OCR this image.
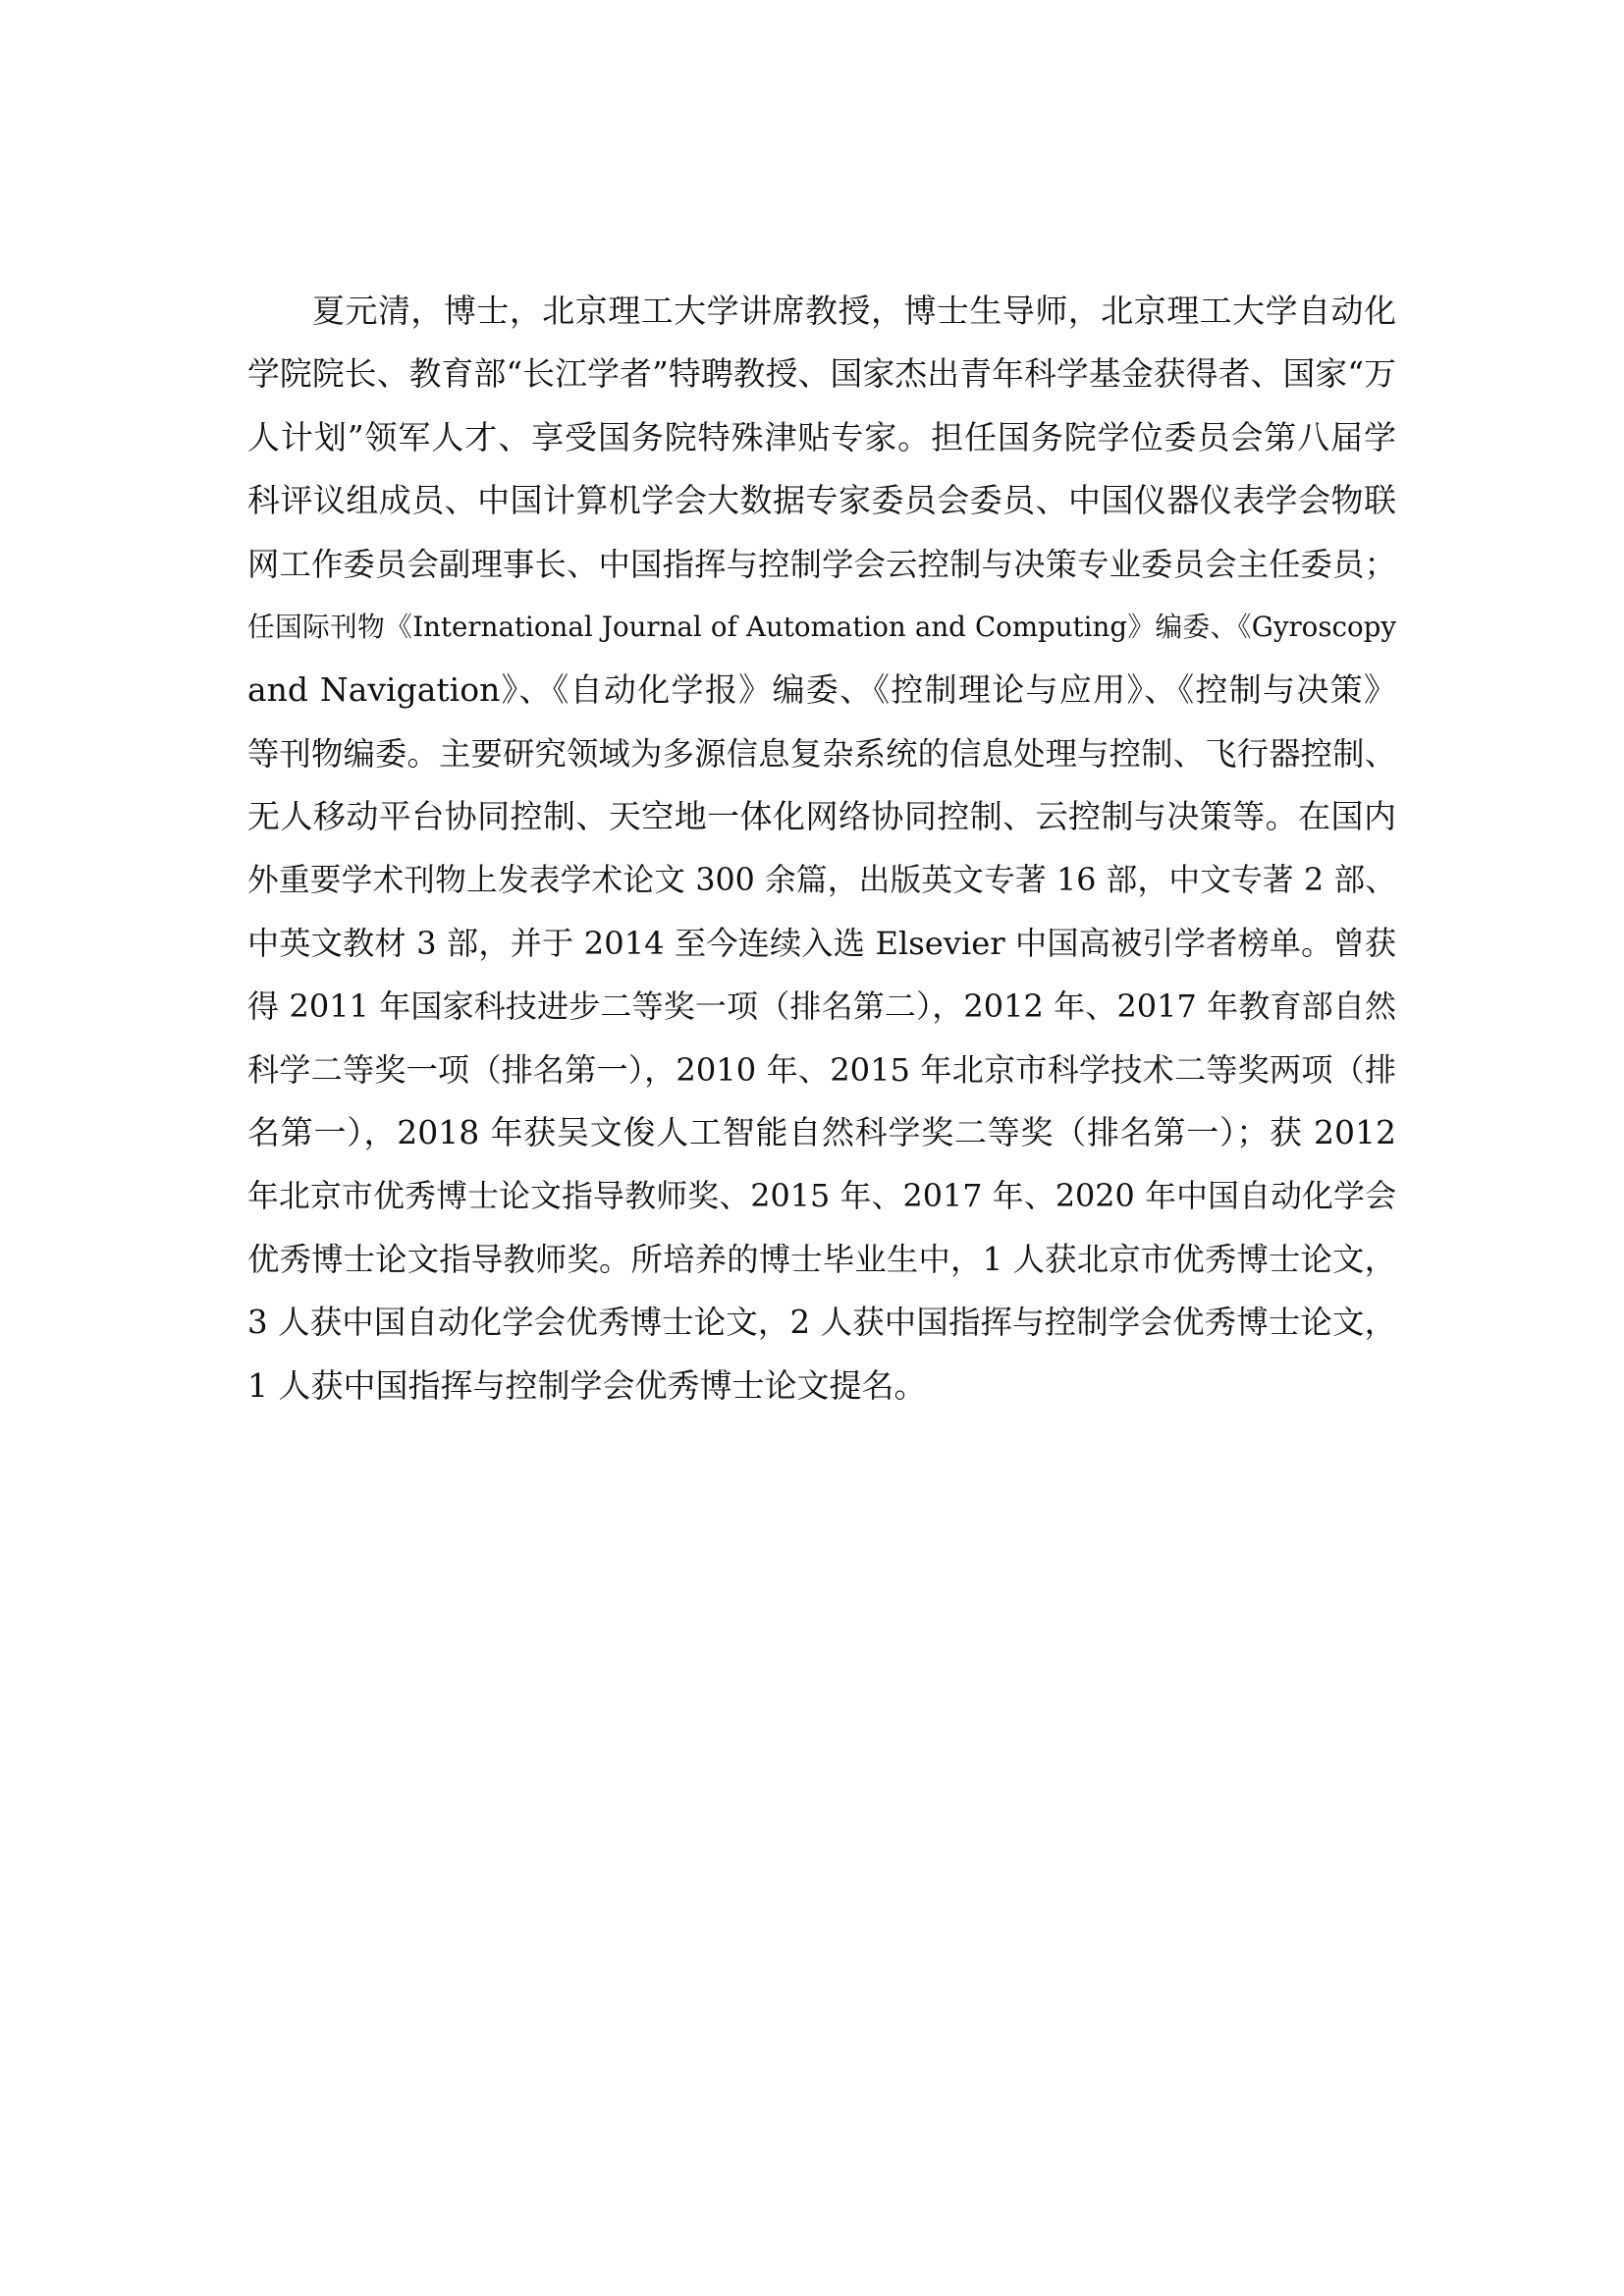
夏元清，博士，北京理工大学讲席教授，博士生导师，北京理工大学自动化
学院院长、教育部“长江学者”特聘教授、国家杰出青年科学基金获得者、国家“万
人计划”领军人才、享受国务院特殊津贴专家。担任国务院学位委员会第八届学
科评议组成员、中国计算机学会大数据专家委员会委员、中国仪器仪表学会物联
网工作委员会副理事长、中国指挥与控制学会云控制与决策专业委员会主任委员；
任国际刊物《International Journal of Automation and Computing》编委、《Gyroscopy
and Navigation》、《自动化学报》编委、《控制理论与应用》、《控制与决策》
等刊物编委。主要研究领域为多源信息复杂系统的信息处理与控制、飞行器控制、
无人移动平台协同控制、天空地一体化网络协同控制、云控制与决策等。在国内
外重要学术刊物上发表学术论文 300 余篇，出版英文专著 16 部，中文专著 2 部、
中英文教材 3 部，并于 2014 至今连续入选 Elsevier 中国高被引学者榜单。曾获
得 2011 年国家科技进步二等奖一项（排名第二），2012 年、2017 年教育部自然
科学二等奖一项（排名第一），2010 年、2015 年北京市科学技术二等奖两项（排
名第一），2018 年获吴文俊人工智能自然科学奖二等奖（排名第一）；获 2012
年北京市优秀博士论文指导教师奖、2015 年、2017 年、2020 年中国自动化学会
优秀博士论文指导教师奖。所培养的博士毕业生中，1 人获北京市优秀博士论文，
3 人获中国自动化学会优秀博士论文，2 人获中国指挥与控制学会优秀博士论文，
1 人获中国指挥与控制学会优秀博士论文提名。
